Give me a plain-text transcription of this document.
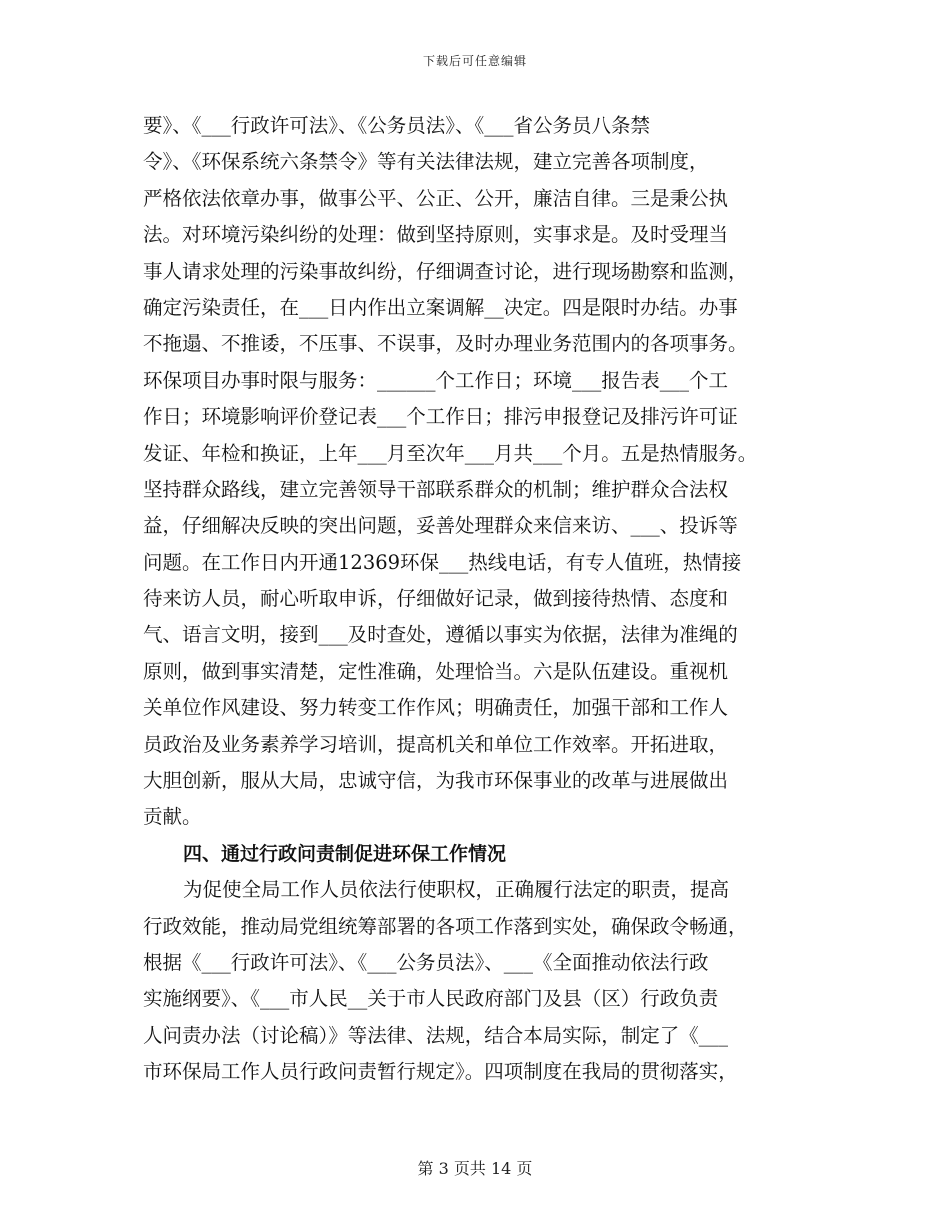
下载后可任意编辑
要》、《___行政许可法》、《公务员法》、《___省公务员八条禁
令》、《环保系统六条禁令》等有关法律法规，建立完善各项制度，
严格依法依章办事，做事公平、公正、公开，廉洁自律。三是秉公执
法。对环境污染纠纷的处理：做到坚持原则，实事求是。及时受理当
事人请求处理的污染事故纠纷，仔细调查讨论，进行现场勘察和监测，
确定污染责任，在___日内作出立案调解__决定。四是限时办结。办事
不拖遢、不推诿，不压事、不误事，及时办理业务范围内的各项事务。
环保项目办事时限与服务：______个工作日；环境___报告表___个工
作日；环境影响评价登记表___个工作日；排污申报登记及排污许可证
发证、年检和换证，上年___月至次年___月共___个月。五是热情服务。
坚持群众路线，建立完善领导干部联系群众的机制；维护群众合法权
益，仔细解决反映的突出问题，妥善处理群众来信来访、___、投诉等
问题。在工作日内开通12369环保___热线电话，有专人值班，热情接
待来访人员，耐心听取申诉，仔细做好记录，做到接待热情、态度和
气、语言文明，接到___及时查处，遵循以事实为依据，法律为准绳的
原则，做到事实清楚，定性准确，处理恰当。六是队伍建设。重视机
关单位作风建设、努力转变工作作风；明确责任，加强干部和工作人
员政治及业务素养学习培训，提高机关和单位工作效率。开拓进取，
大胆创新，服从大局，忠诚守信，为我市环保事业的改革与进展做出
贡献。
四、通过行政问责制促进环保工作情况
为促使全局工作人员依法行使职权，正确履行法定的职责，提高
行政效能，推动局党组统筹部署的各项工作落到实处，确保政令畅通，
根据《___行政许可法》、《___公务员法》、___《全面推动依法行政
实施纲要》、《___市人民__关于市人民政府部门及县（区）行政负责
人问责办法（讨论稿）》等法律、法规，结合本局实际，制定了《___
市环保局工作人员行政问责暂行规定》。四项制度在我局的贯彻落实，
第 3 页共 14 页
